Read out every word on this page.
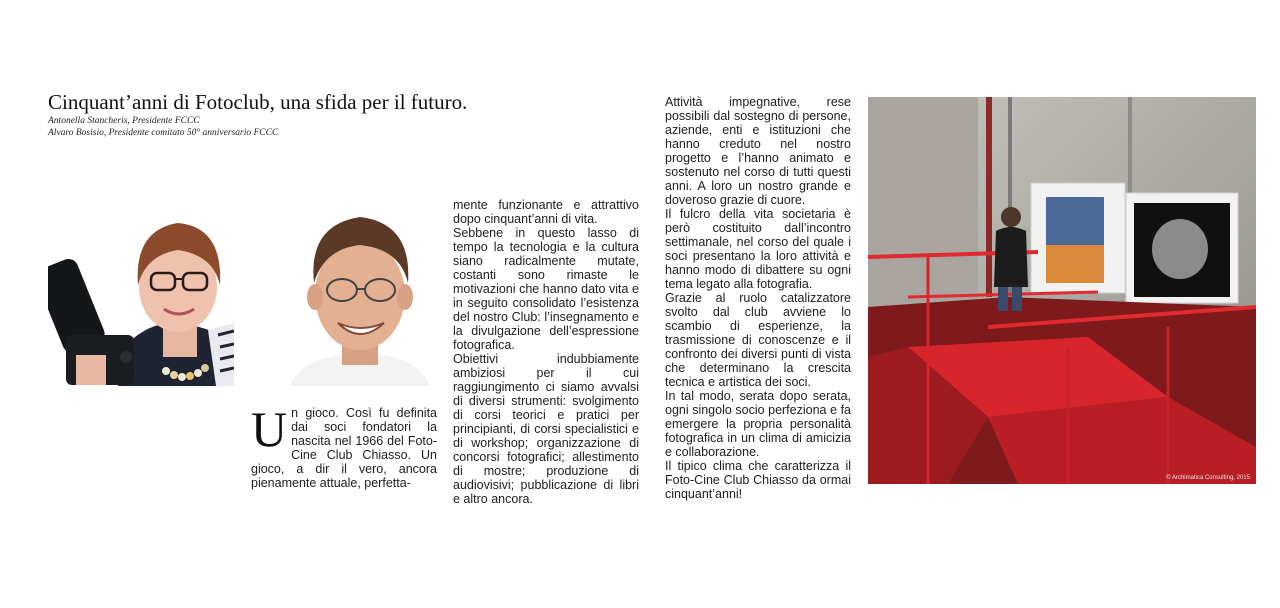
Cinquant’anni di Fotoclub, una sfida per il futuro.
Antonella Stancheris, Presidente FCCC
Alvaro Bosisio, Presidente comitato 50° anniversario FCCC
U n gioco. Così fu definita dai soci fondatori la nascita nel 1966 del Foto-Cine Club Chiasso. Un gioco, a dir il vero, ancora pienamente attuale, perfetta-

mente funzionante e attrattivo dopo cinquant’anni di vita.

Sebbene in questo lasso di tempo la tecnologia e la cultura siano radicalmente mutate, costanti sono rimaste le motivazioni che hanno dato vita e in seguito consolidato l’esistenza del nostro Club: l’insegnamento e la divulgazione dell’espressione fotografica.

Obiettivi indubbiamente ambiziosi per il cui raggiungimento ci siamo avvalsi di diversi strumenti: svolgimento di corsi teorici e pratici per principianti, di corsi specialistici e di workshop; organizzazione di concorsi fotografici; allestimento di mostre; produzione di audiovisivi; pubblicazione di libri e altro ancora.

Attività impegnative, rese possibili dal sostegno di persone, aziende, enti e istituzioni che hanno creduto nel nostro progetto e l’hanno animato e sostenuto nel corso di tutti questi anni. A loro un nostro grande e doveroso grazie di cuore.

Il fulcro della vita societaria è però costituito dall’incontro settimanale, nel corso del quale i soci presentano la loro attività e hanno modo di dibattere su ogni tema legato alla fotografia.

Grazie al ruolo catalizzatore svolto dal club avviene lo scambio di esperienze, la trasmissione di conoscenze e il confronto dei diversi punti di vista che determinano la crescita tecnica e artistica dei soci.

In tal modo, serata dopo serata, ogni singolo socio perfeziona e fa emergere la propria personalità fotografica in un clima di amicizia e collaborazione.

Il tipico clima che caratterizza il Foto-Cine Club Chiasso da ormai cinquant’anni!

© Archimatica Consulting, 2015
